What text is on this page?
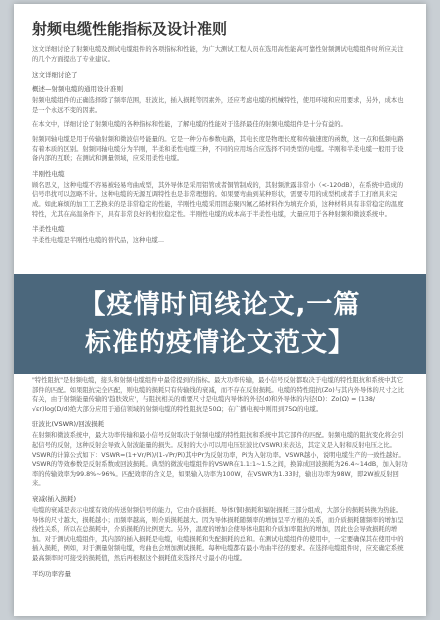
射频电缆性能指标及设计准则

这文详细讨论了射频电缆及测试电缆组件的各项指标和性能，为广大测试工程人员在选用高性能高可靠性射频测试电缆组件时所应关注的几个方面提出了专业建议。

这文详细讨论了
概述—射频电缆的通用设计准则

射频电缆组件的正确选择除了频率范围，驻波比，插入损耗等因素外，还应考虑电缆的机械特性，使用环境和应用要求，另外，成本也是一个永远不变的因素。

在本文中，详细讨论了射频电缆的各种指标和性能，了解电缆的性能对于选择最佳的射频电缆组件是十分有益的。

射频同轴电缆是用于传输射频和微波信号能量的。它是一种分布参数电路，其电长度是物理长度和传输速度的函数，这一点和低频电路有着本质的区别。射频同轴电缆分为半刚，半柔和柔性电缆三种，不同的应用场合应选择不同类型的电缆。半刚和半柔电缆一般用于设备内部的互联；在测试和测量领域，应采用柔性电缆。

半刚性电缆

顾名思义，这种电缆不容易被轻易弯曲成型，其外导体是采用铝管或者铜管制成的，其射频泄露非常小（<-120dB），在系统中造成的信号串扰可以忽略不计。这种电缆的无源互调特性也是非常理想的。如果要弯曲到某种形状，需要专用的成型机或者手工打磨具来完成。如此麻烦的加工工艺换来的是非常稳定的性能，半刚性电缆采用固态聚四氟乙烯材料作为填充介质，这种材料具有非常稳定的温度特性，尤其在高温条件下，具有非常良好的相位稳定性。半刚性电缆的成本高于半柔性电缆，大量应用于各种射频和微波系统中。

半柔性电缆

半柔性电缆是半刚性电缆的替代品，这种电缆...

【疫情时间线论文,一篇
标准的疫情论文范文】

"特性阻抗"是射频电缆，接头和射频电缆组件中最常提到的指标。最大功率传输，最小信号反射都取决于电缆的特性阻抗和系统中其它部件的匹配。如果阻抗完全匹配，则电缆的损耗只有传输线的衰减，而不存在反射损耗。电缆的特性阻抗(Zo)与其内外导体的尺寸之比有关，由于射频能量传输的'趋肤效应'，与阻抗相关的重要尺寸是电缆内导体的外径(d)和外导体的内径(D)：Zo(Ω) = (138/√εr)log(D/d)绝大部分应用于通信领域的射频电缆的特性阻抗是50Ω；在广播电视中则用到75Ω的电缆。

驻波比(VSWR)/回波损耗

在射频和微波系统中，最大功率传输和最小信号反射取决于射频电缆的特性阻抗和系统中其它部件的匹配。射频电缆的阻抗变化将会引起信号的反射，这种反射会导致入射波能量的损失。反射的大小可以用电压驻波比(VSWR)来表达，其定义是入射和反射电压之比。VSWR的计算公式如下：VSWR=(1+Vr/Pi)/(1-√Pr/Pi)其中Pr为反射功率，Pi为入射功率。VSWR越小，说明电缆生产的一致性越好。VSWR的等效参数是反射系数或回波损耗。典型的微波电缆组件的VSWR在1.1:1~1.5之间，换算成回波损耗为26.4~14dB，加入射功率的传输效率为99.8%~96%。匹配效率的含义是，如果输入功率为100W，在VSWR为1.33时，输出功率为98W，即2W被反射回来。

衰减(插入损耗)

电缆的衰减是表示电缆有效的传送射频信号的能力，它由介质损耗、导体(铜)损耗和辐射损耗三部分组成，大部分的损耗转换为热能。导体的尺寸越大，损耗越小；而频率越高，则介质损耗越大。因为导体损耗随频率的增加呈平方根的关系，而介质损耗随频率的增加呈线性关系，所以在总损耗中，介质损耗的比例更大。另外，温度的增加会使导体电阻和介质加率阻抗的增加，因此也会导致损耗的增加。对于测试电缆组件，其内部的插入损耗是电缆，电缆损耗和失配损耗的总和。在测试电缆组件的使用中，一定要确保其在使用中的插入损耗，例如，对于测量射频电缆，弯曲也会增加测试损耗。每种电缆都有最小弯曲半径的要求。在选择电缆组件时，应充确定系统最高频率时可接受的损耗值，然后再根据这个损耗值来选择尺寸最小的电缆。

平均功率容量
